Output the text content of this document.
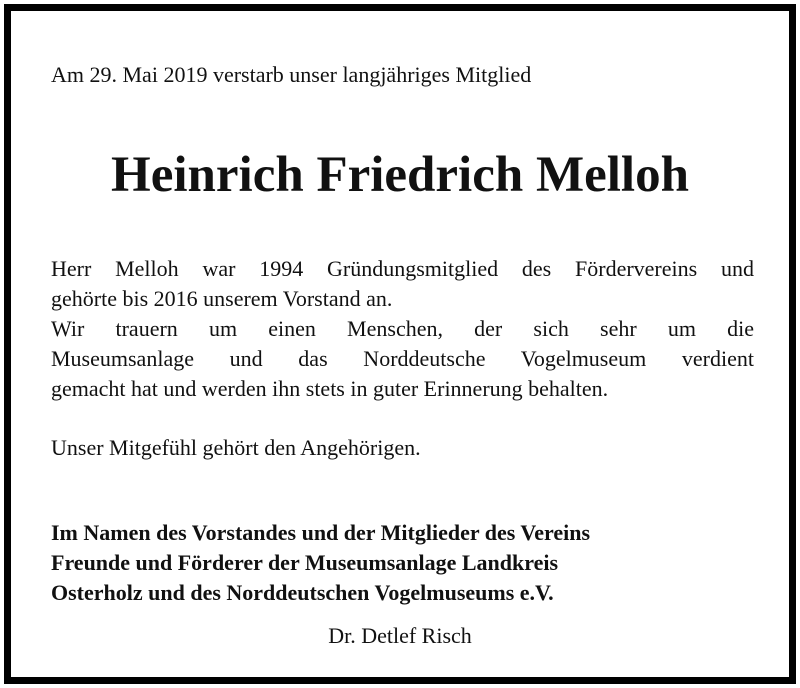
Am 29. Mai 2019 verstarb unser langjähriges Mitglied
Heinrich Friedrich Melloh
Herr Melloh war 1994 Gründungsmitglied des Fördervereins und
gehörte bis 2016 unserem Vorstand an.
Wir trauern um einen Menschen, der sich sehr um die
Museumsanlage und das Norddeutsche Vogelmuseum verdient
gemacht hat und werden ihn stets in guter Erinnerung behalten.
Unser Mitgefühl gehört den Angehörigen.
Im Namen des Vorstandes und der Mitglieder des Vereins
Freunde und Förderer der Museumsanlage Landkreis
Osterholz und des Norddeutschen Vogelmuseums e.V.
Dr. Detlef Risch
